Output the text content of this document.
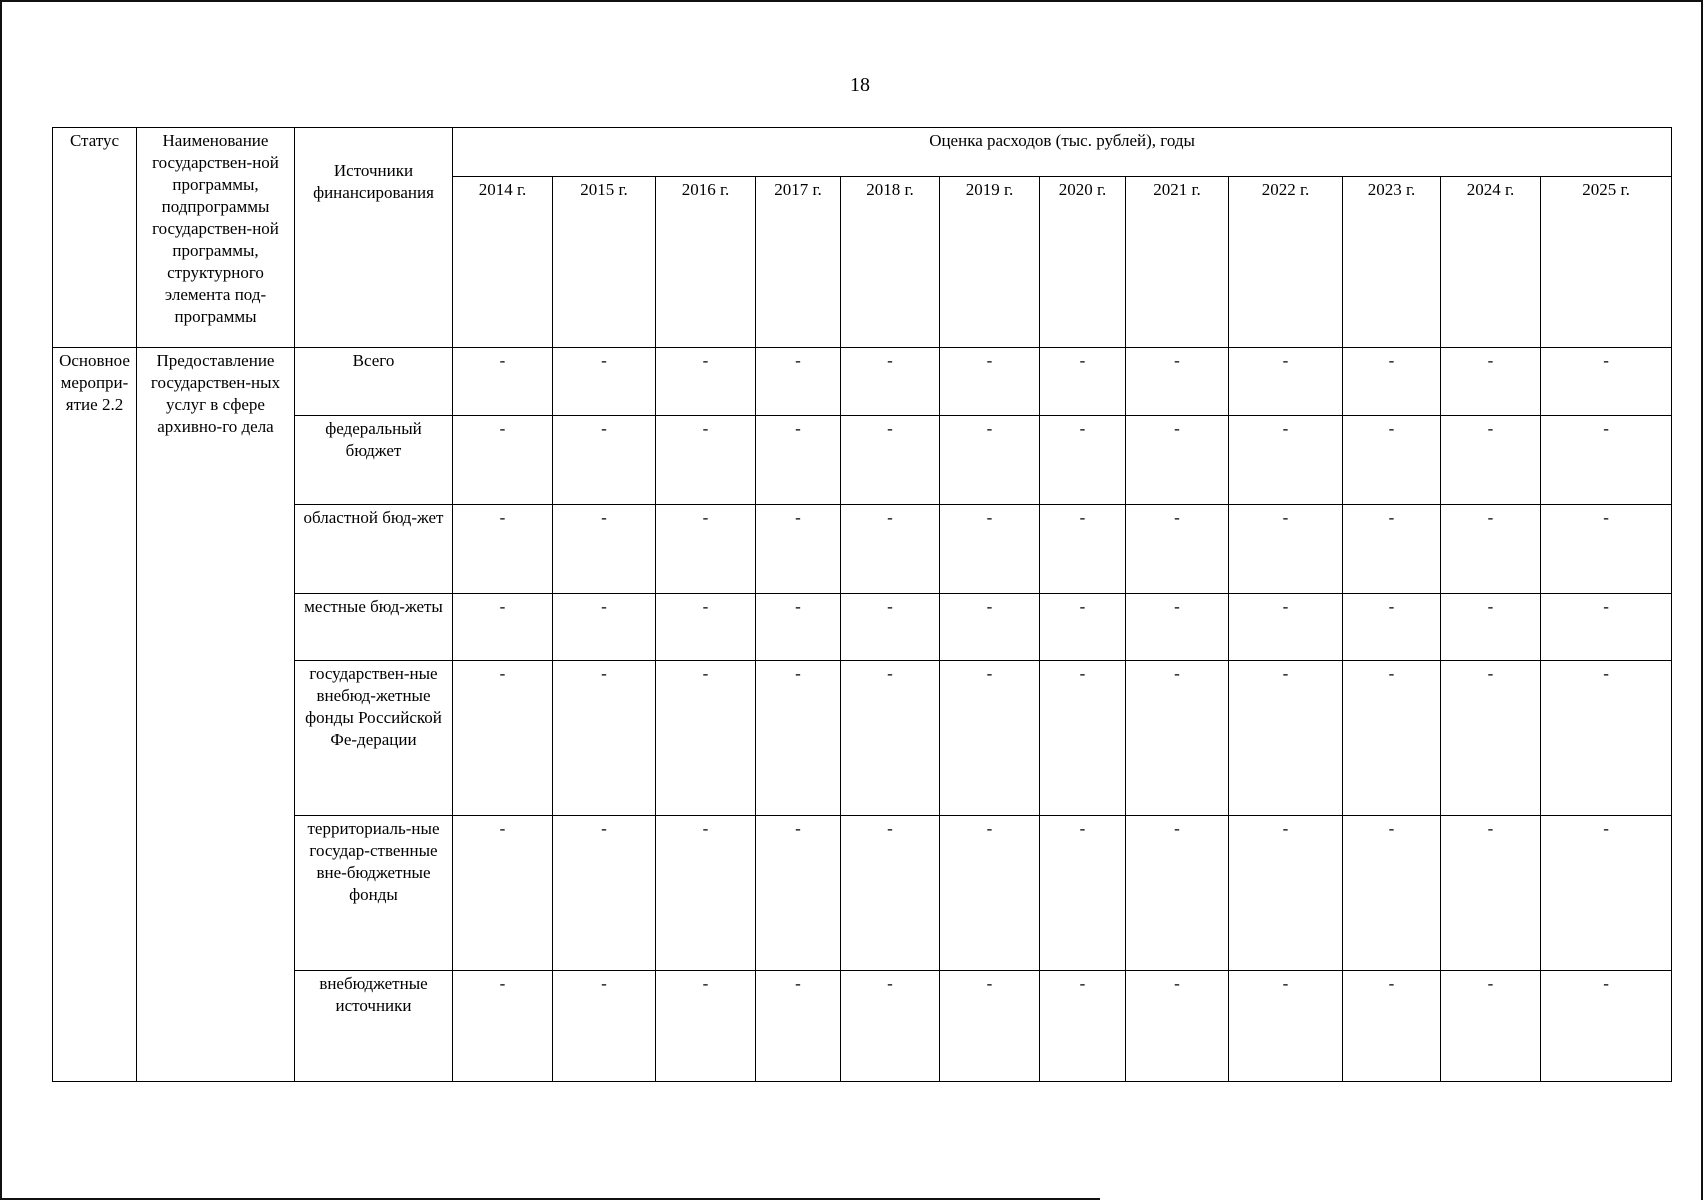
18
Статус	Наименование государствен-ной программы, подпрограммы государствен-ной программы, структурного элемента под-программы	Источники финансирования	Оценка расходов (тыс. рублей), годы											
			2014 г.	2015 г.	2016 г.	2017 г.	2018 г.	2019 г.	2020 г.	2021 г.	2022 г.	2023 г.	2024 г.	2025 г.
Основное меропри-ятие 2.2	Предоставление государствен-ных услуг в сфере архивно-го дела	Всего	-	-	-	-	-	-	-	-	-	-	-	-
		федеральный бюджет	-	-	-	-	-	-	-	-	-	-	-	-
		областной бюд-жет	-	-	-	-	-	-	-	-	-	-	-	-
		местные бюд-жеты	-	-	-	-	-	-	-	-	-	-	-	-
		государствен-ные внебюд-жетные фонды Российской Фе-дерации	-	-	-	-	-	-	-	-	-	-	-	-
		территориаль-ные государ-ственные вне-бюджетные фонды	-	-	-	-	-	-	-	-	-	-	-	-
		внебюджетные источники	-	-	-	-	-	-	-	-	-	-	-	-
